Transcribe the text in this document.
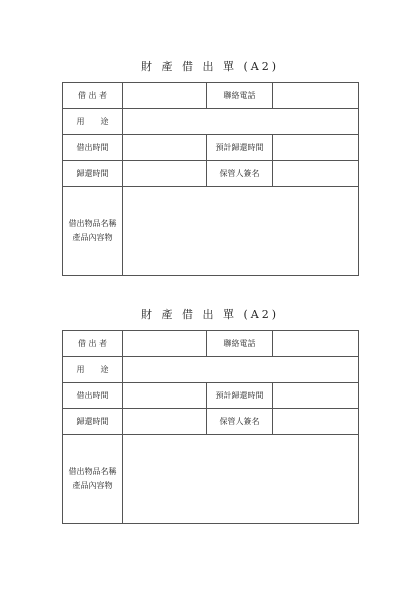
財 產 借 出 單 (A2)
借 出 者		聯絡電話	
用　　途			
借出時間		預計歸還時間	
歸還時間		保管人簽名	

借出物品名稱
產品內容物			

財 產 借 出 單 (A2)
借 出 者		聯絡電話	
用　　途			
借出時間		預計歸還時間	
歸還時間		保管人簽名	

借出物品名稱
產品內容物			
